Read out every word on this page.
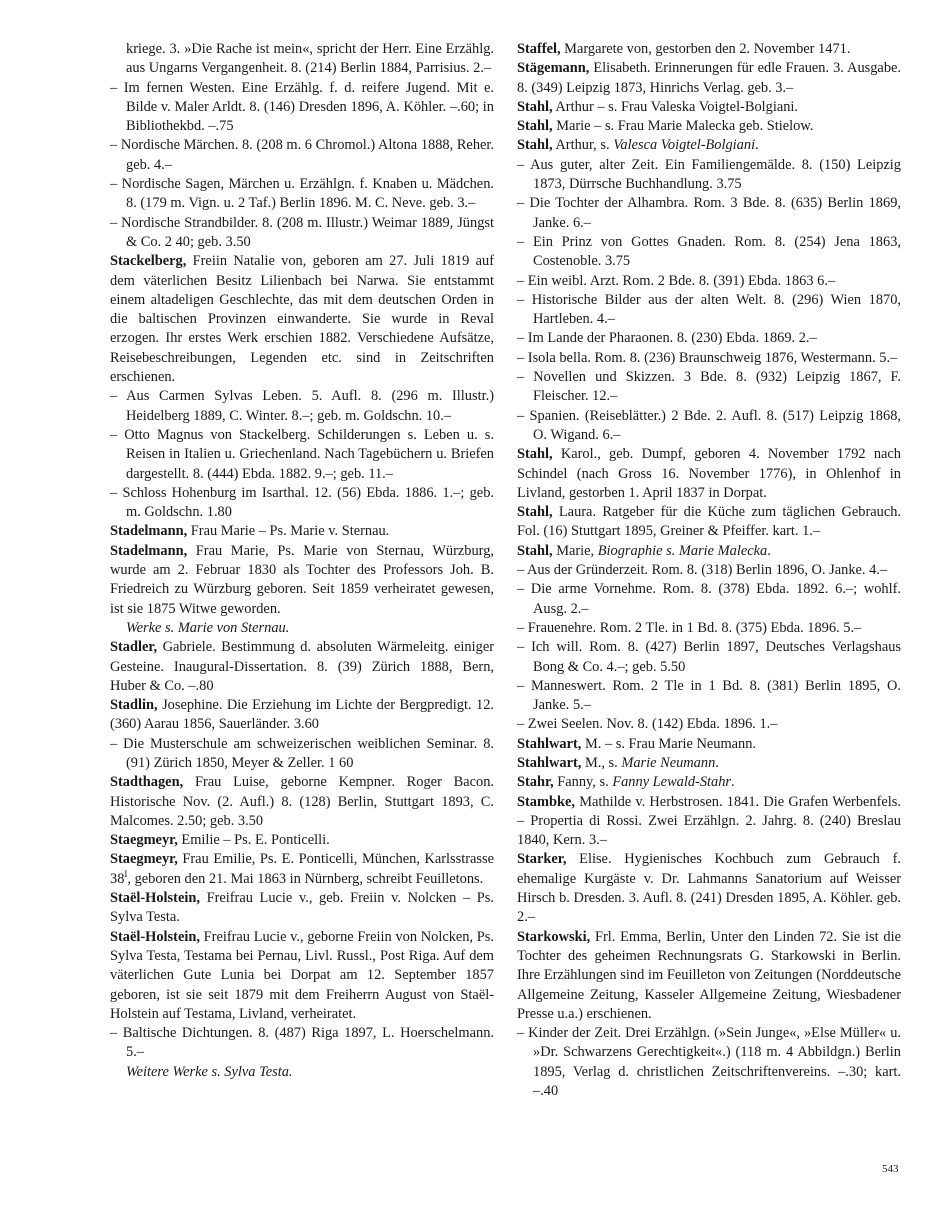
kriege. 3. »Die Rache ist mein«, spricht der Herr. Eine Erzählg. aus Ungarns Vergangenheit. 8. (214) Berlin 1884, Parrisius. 2.–

– Im fernen Westen. Eine Erzählg. f. d. reifere Jugend. Mit e. Bilde v. Maler Arldt. 8. (146) Dresden 1896, A. Köhler. –.60; in Bibliothekbd. –.75

– Nordische Märchen. 8. (208 m. 6 Chromol.) Altona 1888, Reher. geb. 4.–

– Nordische Sagen, Märchen u. Erzählgn. f. Knaben u. Mädchen. 8. (179 m. Vign. u. 2 Taf.) Berlin 1896. M. C. Neve. geb. 3.–

– Nordische Strandbilder. 8. (208 m. Illustr.) Weimar 1889, Jüngst & Co. 2 40; geb. 3.50

Stackelberg, Freiin Natalie von, geboren am 27. Juli 1819 auf dem väterlichen Besitz Lilienbach bei Narwa. Sie entstammt einem altadeligen Geschlechte, das mit dem deutschen Orden in die baltischen Provinzen einwanderte. Sie wurde in Reval erzogen. Ihr erstes Werk erschien 1882. Verschiedene Aufsätze, Reisebeschreibungen, Legenden etc. sind in Zeitschriften erschienen.

– Aus Carmen Sylvas Leben. 5. Aufl. 8. (296 m. Illustr.) Heidelberg 1889, C. Winter. 8.–; geb. m. Goldschn. 10.–

– Otto Magnus von Stackelberg. Schilderungen s. Leben u. s. Reisen in Italien u. Griechenland. Nach Tagebüchern u. Briefen dargestellt. 8. (444) Ebda. 1882. 9.–; geb. 11.–

– Schloss Hohenburg im Isarthal. 12. (56) Ebda. 1886. 1.–; geb. m. Goldschn. 1.80

Stadelmann, Frau Marie – Ps. Marie v. Sternau.

Stadelmann, Frau Marie, Ps. Marie von Sternau, Würzburg, wurde am 2. Februar 1830 als Tochter des Professors Joh. B. Friedreich zu Würzburg geboren. Seit 1859 verheiratet gewesen, ist sie 1875 Witwe geworden.

Werke s. Marie von Sternau.

Stadler, Gabriele. Bestimmung d. absoluten Wärmeleitg. einiger Gesteine. Inaugural-Dissertation. 8. (39) Zürich 1888, Bern, Huber & Co. –.80

Stadlin, Josephine. Die Erziehung im Lichte der Bergpredigt. 12. (360) Aarau 1856, Sauerländer. 3.60

– Die Musterschule am schweizerischen weiblichen Seminar. 8. (91) Zürich 1850, Meyer & Zeller. 1 60

Stadthagen, Frau Luise, geborne Kempner. Roger Bacon. Historische Nov. (2. Aufl.) 8. (128) Berlin, Stuttgart 1893, C. Malcomes. 2.50; geb. 3.50

Staegmeyr, Emilie – Ps. E. Ponticelli.

Staegmeyr, Frau Emilie, Ps. E. Ponticelli, München, Karlsstrasse $38^I$, geboren den 21. Mai 1863 in Nürnberg, schreibt Feuilletons.

Staël-Holstein, Freifrau Lucie v., geb. Freiin v. Nolcken – Ps. Sylva Testa.

Staël-Holstein, Freifrau Lucie v., geborne Freiin von Nolcken, Ps. Sylva Testa, Testama bei Pernau, Livl. Russl., Post Riga. Auf dem väterlichen Gute Lunia bei Dorpat am 12. September 1857 geboren, ist sie seit 1879 mit dem Freiherrn August von Staël-Holstein auf Testama, Livland, verheiratet.

– Baltische Dichtungen. 8. (487) Riga 1897, L. Hoerschelmann. 5.–

Weitere Werke s. Sylva Testa.

Staffel, Margarete von, gestorben den 2. November 1471.

Stägemann, Elisabeth. Erinnerungen für edle Frauen. 3. Ausgabe. 8. (349) Leipzig 1873, Hinrichs Verlag. geb. 3.–

Stahl, Arthur – s. Frau Valeska Voigtel-Bolgiani.

Stahl, Marie – s. Frau Marie Malecka geb. Stielow.

Stahl, Arthur, s. Valesca Voigtel-Bolgiani.

– Aus guter, alter Zeit. Ein Familiengemälde. 8. (150) Leipzig 1873, Dürrsche Buchhandlung. 3.75

– Die Tochter der Alhambra. Rom. 3 Bde. 8. (635) Berlin 1869, Janke. 6.–

– Ein Prinz von Gottes Gnaden. Rom. 8. (254) Jena 1863, Costenoble. 3.75

– Ein weibl. Arzt. Rom. 2 Bde. 8. (391) Ebda. 1863 6.–

– Historische Bilder aus der alten Welt. 8. (296) Wien 1870, Hartleben. 4.–

– Im Lande der Pharaonen. 8. (230) Ebda. 1869. 2.–

– Isola bella. Rom. 8. (236) Braunschweig 1876, Westermann. 5.–

– Novellen und Skizzen. 3 Bde. 8. (932) Leipzig 1867, F. Fleischer. 12.–

– Spanien. (Reiseblätter.) 2 Bde. 2. Aufl. 8. (517) Leipzig 1868, O. Wigand. 6.–

Stahl, Karol., geb. Dumpf, geboren 4. November 1792 nach Schindel (nach Gross 16. November 1776), in Ohlenhof in Livland, gestorben 1. April 1837 in Dorpat.

Stahl, Laura. Ratgeber für die Küche zum täglichen Gebrauch. Fol. (16) Stuttgart 1895, Greiner & Pfeiffer. kart. 1.–

Stahl, Marie, Biographie s. Marie Malecka.

– Aus der Gründerzeit. Rom. 8. (318) Berlin 1896, O. Janke. 4.–

– Die arme Vornehme. Rom. 8. (378) Ebda. 1892. 6.–; wohlf. Ausg. 2.–

– Frauenehre. Rom. 2 Tle. in 1 Bd. 8. (375) Ebda. 1896. 5.–

– Ich will. Rom. 8. (427) Berlin 1897, Deutsches Verlagshaus Bong & Co. 4.–; geb. 5.50

– Manneswert. Rom. 2 Tle in 1 Bd. 8. (381) Berlin 1895, O. Janke. 5.–

– Zwei Seelen. Nov. 8. (142) Ebda. 1896. 1.–

Stahlwart, M. – s. Frau Marie Neumann.

Stahlwart, M., s. Marie Neumann.

Stahr, Fanny, s. Fanny Lewald-Stahr.

Stambke, Mathilde v. Herbstrosen. 1841. Die Grafen Werbenfels. – Propertia di Rossi. Zwei Erzählgn. 2. Jahrg. 8. (240) Breslau 1840, Kern. 3.–

Starker, Elise. Hygienisches Kochbuch zum Gebrauch f. ehemalige Kurgäste v. Dr. Lahmanns Sanatorium auf Weisser Hirsch b. Dresden. 3. Aufl. 8. (241) Dresden 1895, A. Köhler. geb. 2.–

Starkowski, Frl. Emma, Berlin, Unter den Linden 72. Sie ist die Tochter des geheimen Rechnungsrats G. Starkowski in Berlin. Ihre Erzählungen sind im Feuilleton von Zeitungen (Norddeutsche Allgemeine Zeitung, Kasseler Allgemeine Zeitung, Wiesbadener Presse u.a.) erschienen.

– Kinder der Zeit. Drei Erzählgn. (»Sein Junge«, »Else Müller« u. »Dr. Schwarzens Gerechtigkeit«.) (118 m. 4 Abbildgn.) Berlin 1895, Verlag d. christlichen Zeitschriftenvereins. –.30; kart. –.40

543
